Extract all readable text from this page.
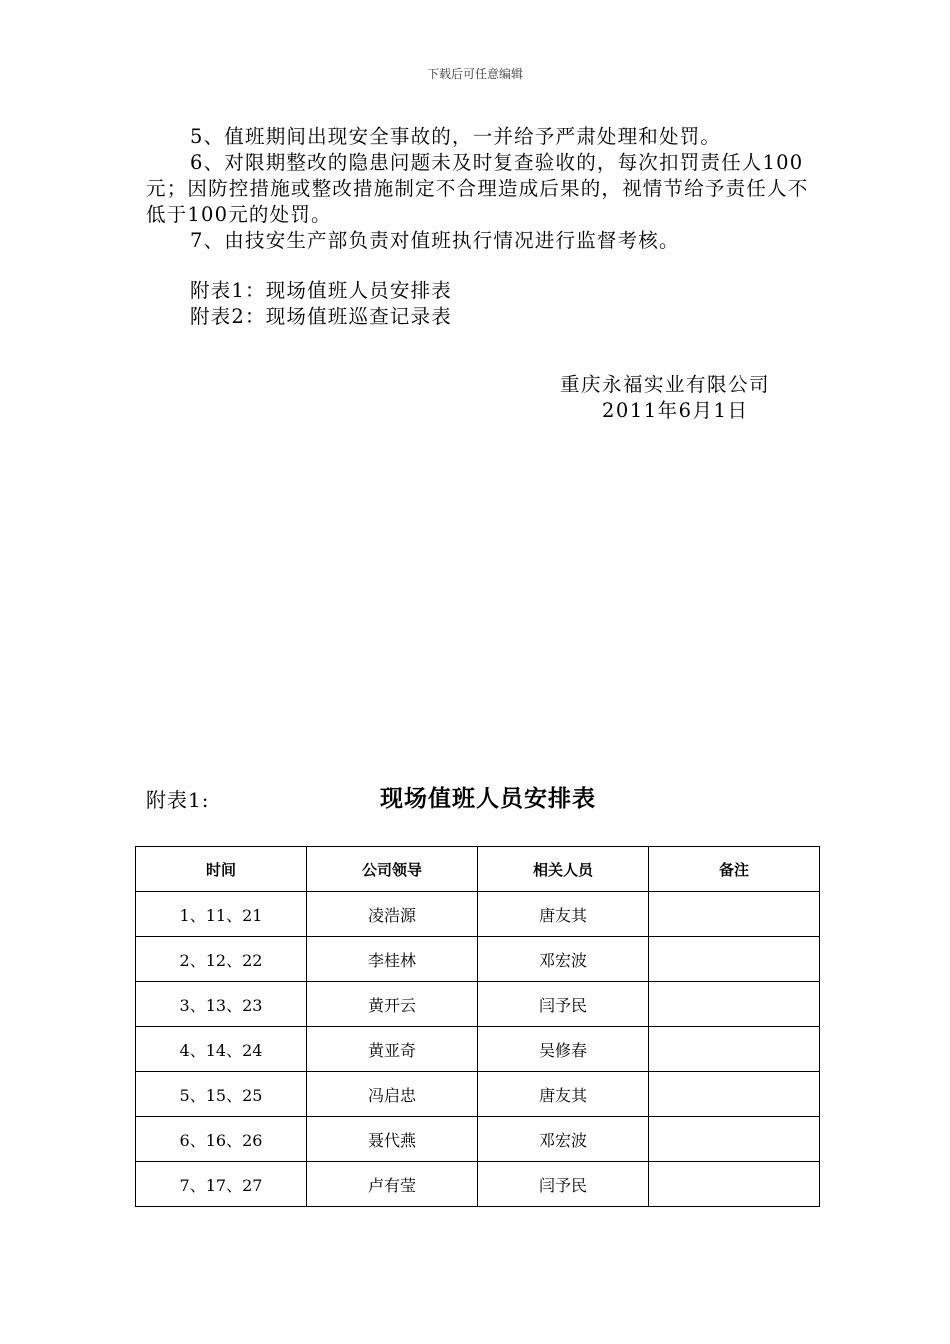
下载后可任意编辑

5、值班期间出现安全事故的，一并给予严肃处理和处罚。

6、对限期整改的隐患问题未及时复查验收的，每次扣罚责任人100元；因防控措施或整改措施制定不合理造成后果的，视情节给予责任人不低于100元的处罚。

7、由技安生产部负责对值班执行情况进行监督考核。

附表1：现场值班人员安排表

附表2：现场值班巡查记录表

重庆永福实业有限公司
2011年6月1日
附表1:	现场值班人员安排表
时间	公司领导	相关人员	备注
1、11、21	凌浩源	唐友其	
2、12、22	李桂林	邓宏波	
3、13、23	黄开云	闫予民	
4、14、24	黄亚奇	吴修春	
5、15、25	冯启忠	唐友其	
6、16、26	聂代燕	邓宏波	
7、17、27	卢有莹	闫予民	
